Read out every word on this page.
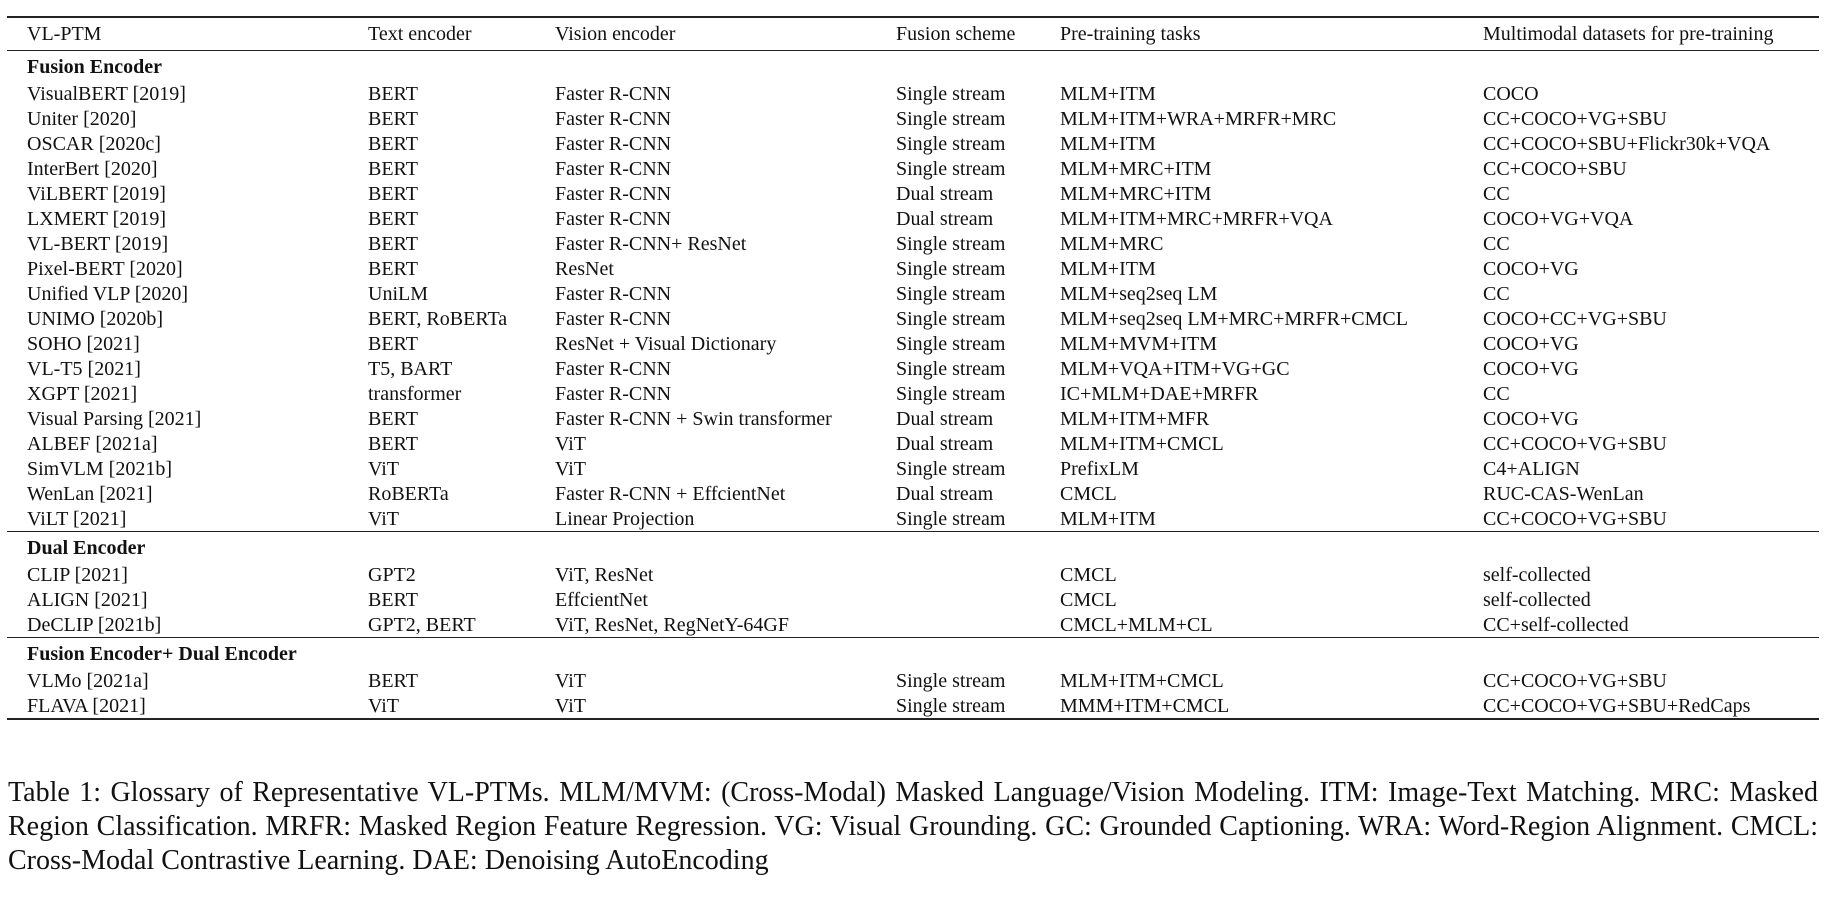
VL-PTM	Text encoder	Vision encoder	Fusion scheme	Pre-training tasks	Multimodal datasets for pre-training
Fusion Encoder					
VisualBERT [2019]	BERT	Faster R-CNN	Single stream	MLM+ITM	COCO
Uniter [2020]	BERT	Faster R-CNN	Single stream	MLM+ITM+WRA+MRFR+MRC	CC+COCO+VG+SBU
OSCAR [2020c]	BERT	Faster R-CNN	Single stream	MLM+ITM	CC+COCO+SBU+Flickr30k+VQA
InterBert [2020]	BERT	Faster R-CNN	Single stream	MLM+MRC+ITM	CC+COCO+SBU
ViLBERT [2019]	BERT	Faster R-CNN	Dual stream	MLM+MRC+ITM	CC
LXMERT [2019]	BERT	Faster R-CNN	Dual stream	MLM+ITM+MRC+MRFR+VQA	COCO+VG+VQA
VL-BERT [2019]	BERT	Faster R-CNN+ ResNet	Single stream	MLM+MRC	CC
Pixel-BERT [2020]	BERT	ResNet	Single stream	MLM+ITM	COCO+VG
Unified VLP [2020]	UniLM	Faster R-CNN	Single stream	MLM+seq2seq LM	CC
UNIMO [2020b]	BERT, RoBERTa	Faster R-CNN	Single stream	MLM+seq2seq LM+MRC+MRFR+CMCL	COCO+CC+VG+SBU
SOHO [2021]	BERT	ResNet + Visual Dictionary	Single stream	MLM+MVM+ITM	COCO+VG
VL-T5 [2021]	T5, BART	Faster R-CNN	Single stream	MLM+VQA+ITM+VG+GC	COCO+VG
XGPT [2021]	transformer	Faster R-CNN	Single stream	IC+MLM+DAE+MRFR	CC
Visual Parsing [2021]	BERT	Faster R-CNN + Swin transformer	Dual stream	MLM+ITM+MFR	COCO+VG
ALBEF [2021a]	BERT	ViT	Dual stream	MLM+ITM+CMCL	CC+COCO+VG+SBU
SimVLM [2021b]	ViT	ViT	Single stream	PrefixLM	C4+ALIGN
WenLan [2021]	RoBERTa	Faster R-CNN + EffcientNet	Dual stream	CMCL	RUC-CAS-WenLan
ViLT [2021]	ViT	Linear Projection	Single stream	MLM+ITM	CC+COCO+VG+SBU
Dual Encoder					
CLIP [2021]	GPT2	ViT, ResNet		CMCL	self-collected
ALIGN [2021]	BERT	EffcientNet		CMCL	self-collected
DeCLIP [2021b]	GPT2, BERT	ViT, ResNet, RegNetY-64GF		CMCL+MLM+CL	CC+self-collected
Fusion Encoder+ Dual Encoder					
VLMo [2021a]	BERT	ViT	Single stream	MLM+ITM+CMCL	CC+COCO+VG+SBU
FLAVA [2021]	ViT	ViT	Single stream	MMM+ITM+CMCL	CC+COCO+VG+SBU+RedCaps
Table 1: Glossary of Representative VL-PTMs. MLM/MVM: (Cross-Modal) Masked Language/Vision Modeling. ITM: Image-Text Matching. MRC: Masked Region Classification. MRFR: Masked Region Feature Regression. VG: Visual Grounding. GC: Grounded Captioning. WRA: Word-Region Alignment. CMCL: Cross-Modal Contrastive Learning. DAE: Denoising AutoEncoding
